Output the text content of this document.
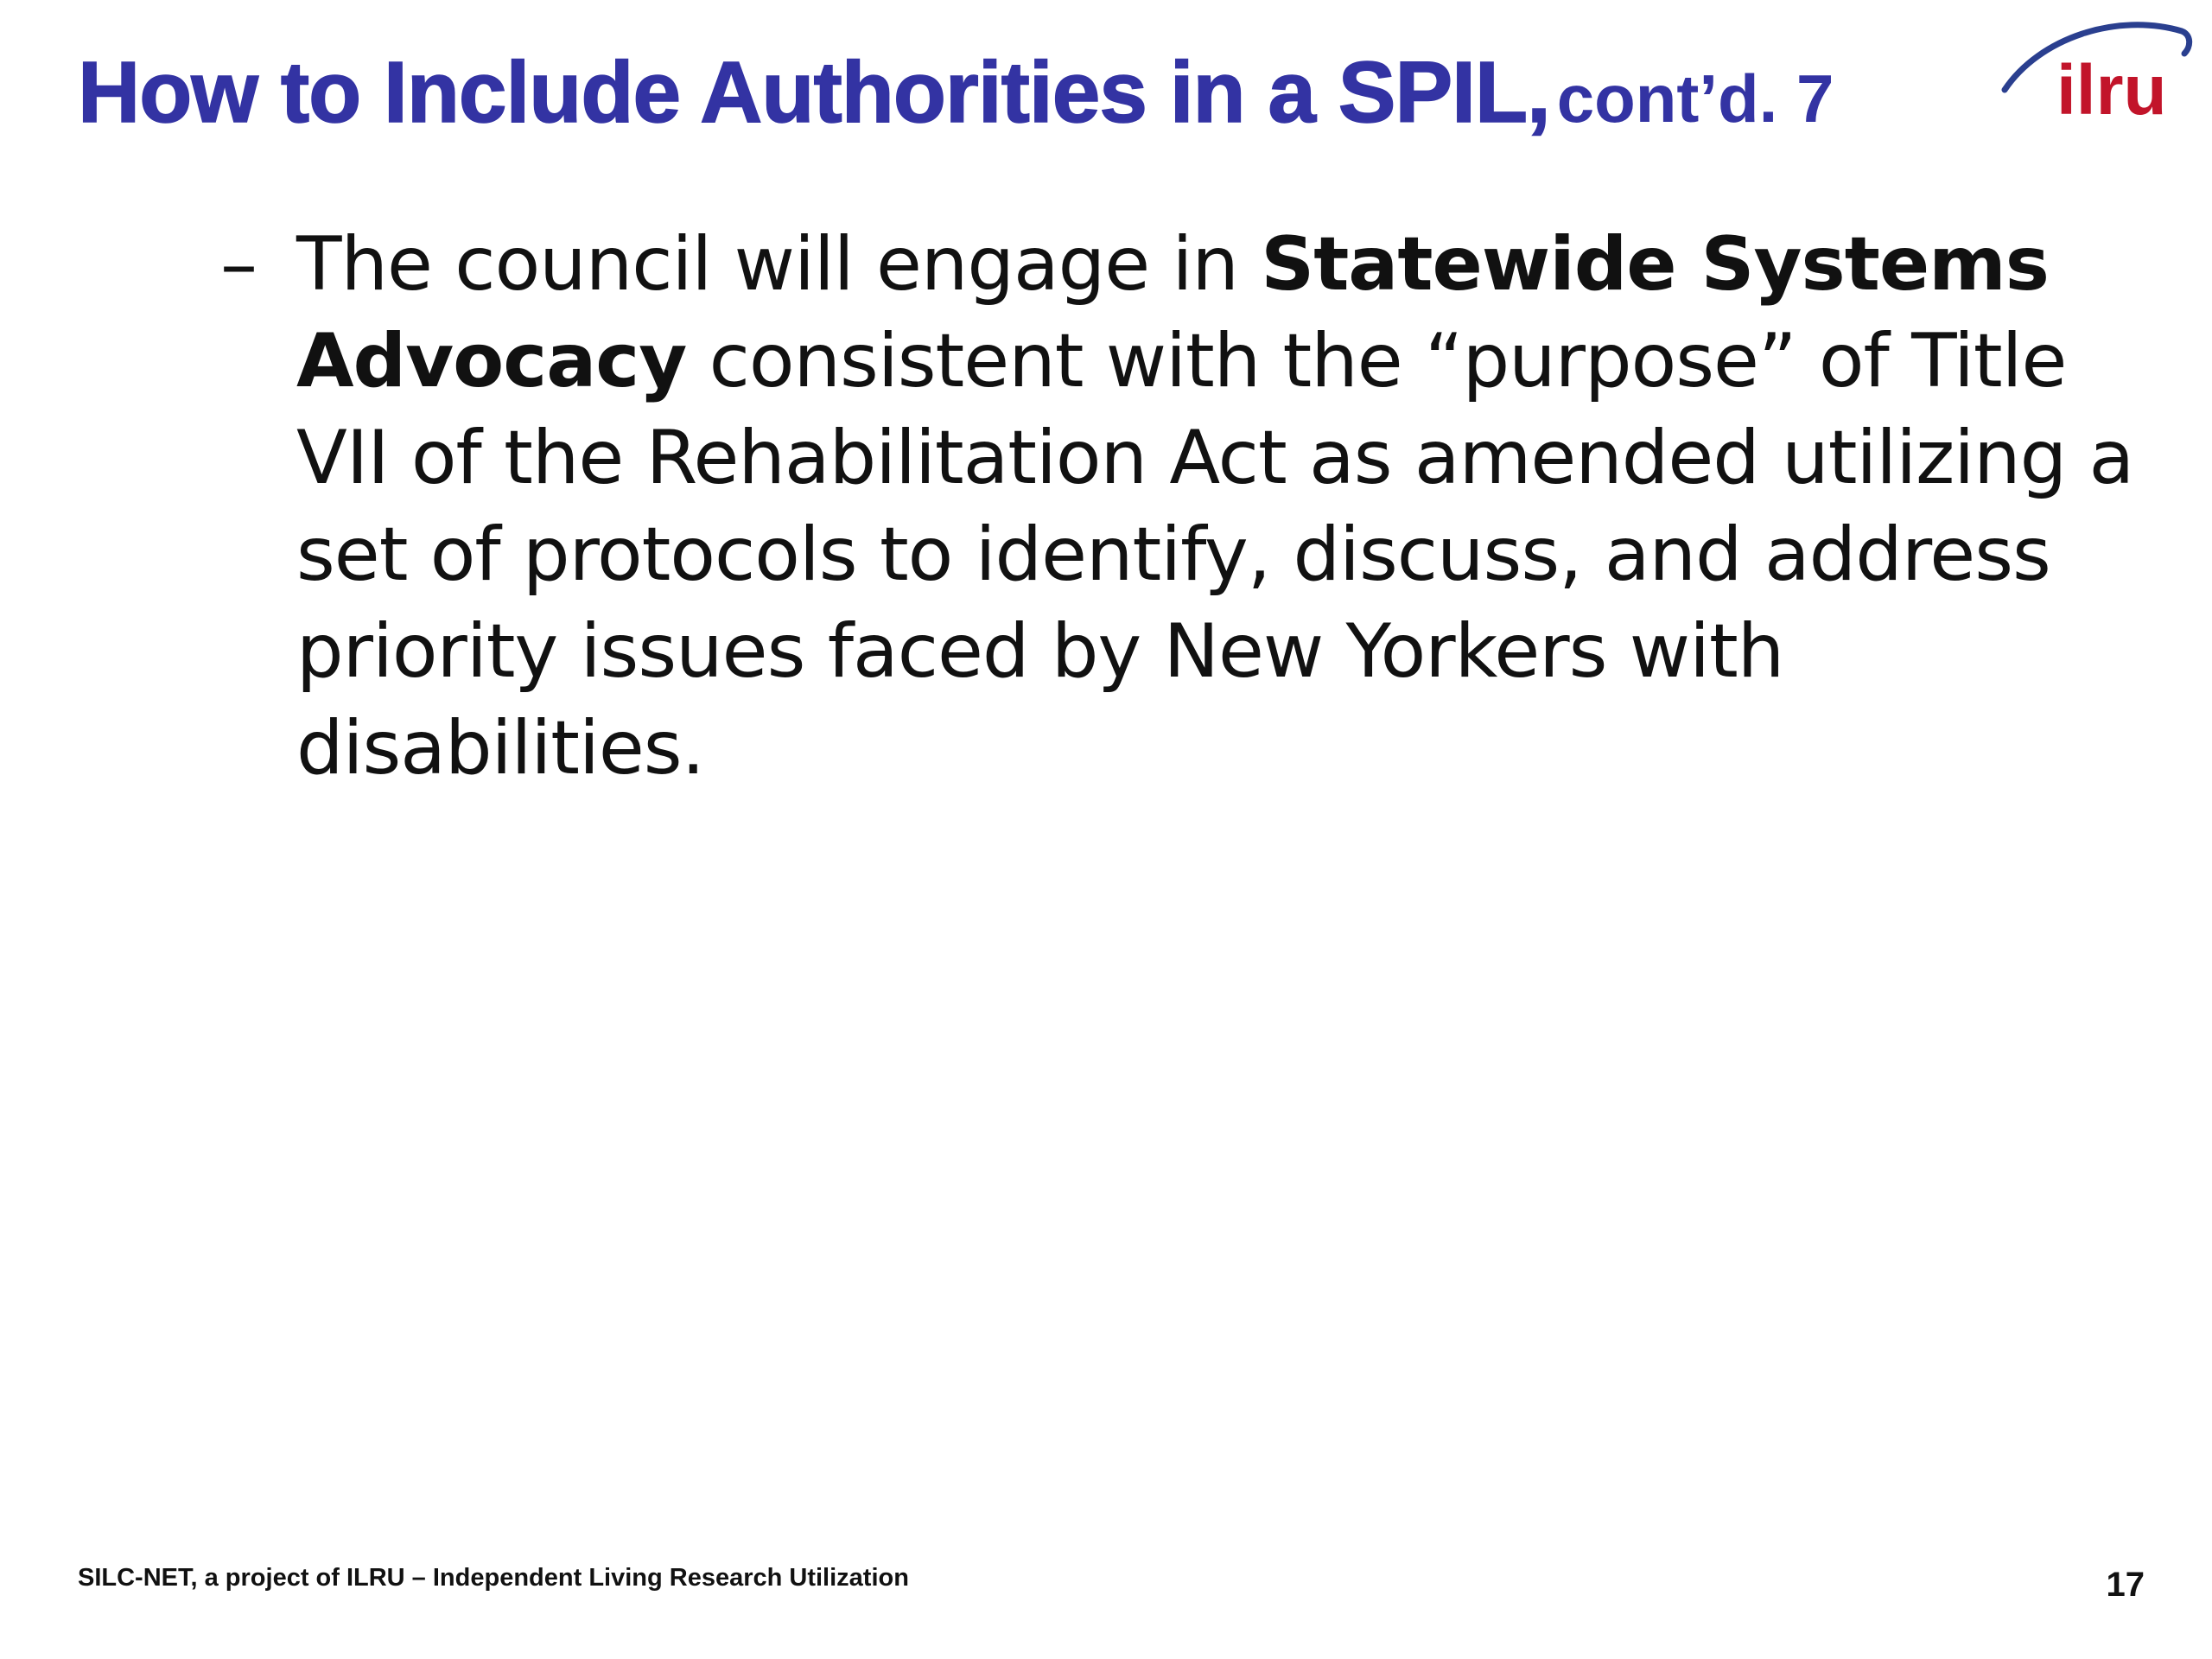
How to Include Authorities in a SPIL, cont’d. 7	ilru
– The council will engage in Statewide Systems Advocacy consistent with the “purpose” of Title VII of the Rehabilitation Act as amended utilizing a set of protocols to identify, discuss, and address priority issues faced by New Yorkers with disabilities.
SILC-NET, a project of ILRU – Independent Living Research Utilization	17
